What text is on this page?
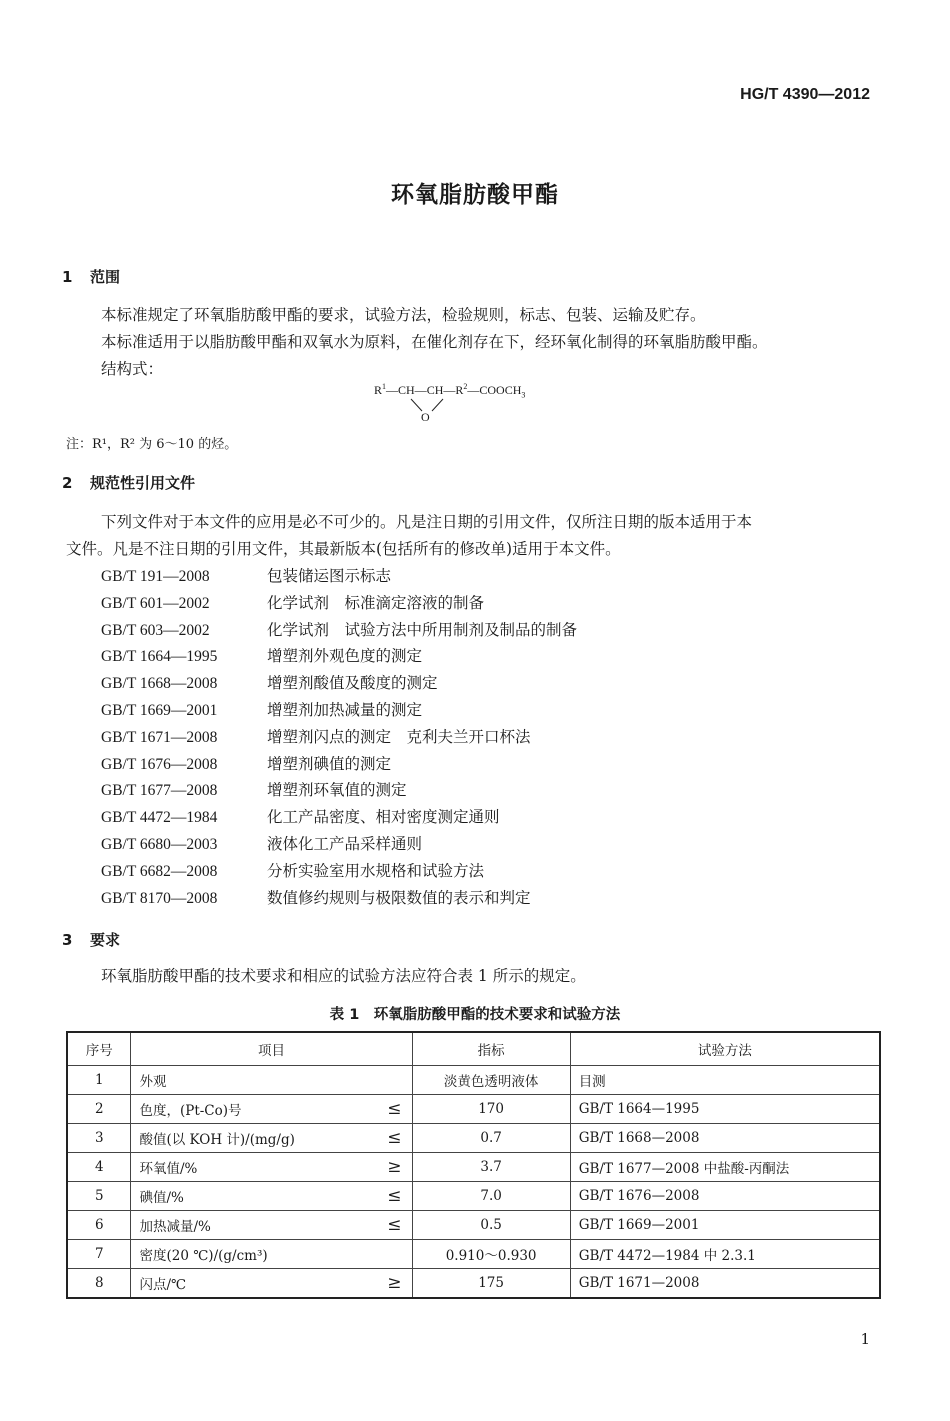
HG/T 4390—2012
环氧脂肪酸甲酯
1 范围
本标准规定了环氧脂肪酸甲酯的要求，试验方法，检验规则，标志、包装、运输及贮存。
本标准适用于以脂肪酸甲酯和双氧水为原料，在催化剂存在下，经环氧化制得的环氧脂肪酸甲酯。
结构式：
$R^1—CH—CH—R^2—COOCH_3$
O
注：R¹，R² 为 6～10 的烃。
2 规范性引用文件
下列文件对于本文件的应用是必不可少的。凡是注日期的引用文件，仅所注日期的版本适用于本
文件。凡是不注日期的引用文件，其最新版本(包括所有的修改单)适用于本文件。
GB/T 191—2008	包装储运图示标志
GB/T 601—2002	化学试剂　标准滴定溶液的制备
GB/T 603—2002	化学试剂　试验方法中所用制剂及制品的制备
GB/T 1664—1995	增塑剂外观色度的测定
GB/T 1668—2008	增塑剂酸值及酸度的测定
GB/T 1669—2001	增塑剂加热减量的测定
GB/T 1671—2008	增塑剂闪点的测定　克利夫兰开口杯法
GB/T 1676—2008	增塑剂碘值的测定
GB/T 1677—2008	增塑剂环氧值的测定
GB/T 4472—1984	化工产品密度、相对密度测定通则
GB/T 6680—2003	液体化工产品采样通则
GB/T 6682—2008	分析实验室用水规格和试验方法
GB/T 8170—2008	数值修约规则与极限数值的表示和判定
3 要求
环氧脂肪酸甲酯的技术要求和相应的试验方法应符合表 1 所示的规定。
表 1　环氧脂肪酸甲酯的技术要求和试验方法
序号	项目	指标	试验方法
1	外观	淡黄色透明液体	目测
2	色度，(Pt-Co)号 ≤	170	GB/T 1664—1995
3	酸值(以 KOH 计)/(mg/g) ≤	0.7	GB/T 1668—2008
4	环氧值/% ≥	3.7	GB/T 1677—2008 中盐酸-丙酮法
5	碘值/% ≤	7.0	GB/T 1676—2008
6	加热减量/% ≤	0.5	GB/T 1669—2001
7	密度(20 ℃)/(g/cm³)	0.910～0.930	GB/T 4472—1984 中 2.3.1
8	闪点/℃ ≥	175	GB/T 1671—2008
1
